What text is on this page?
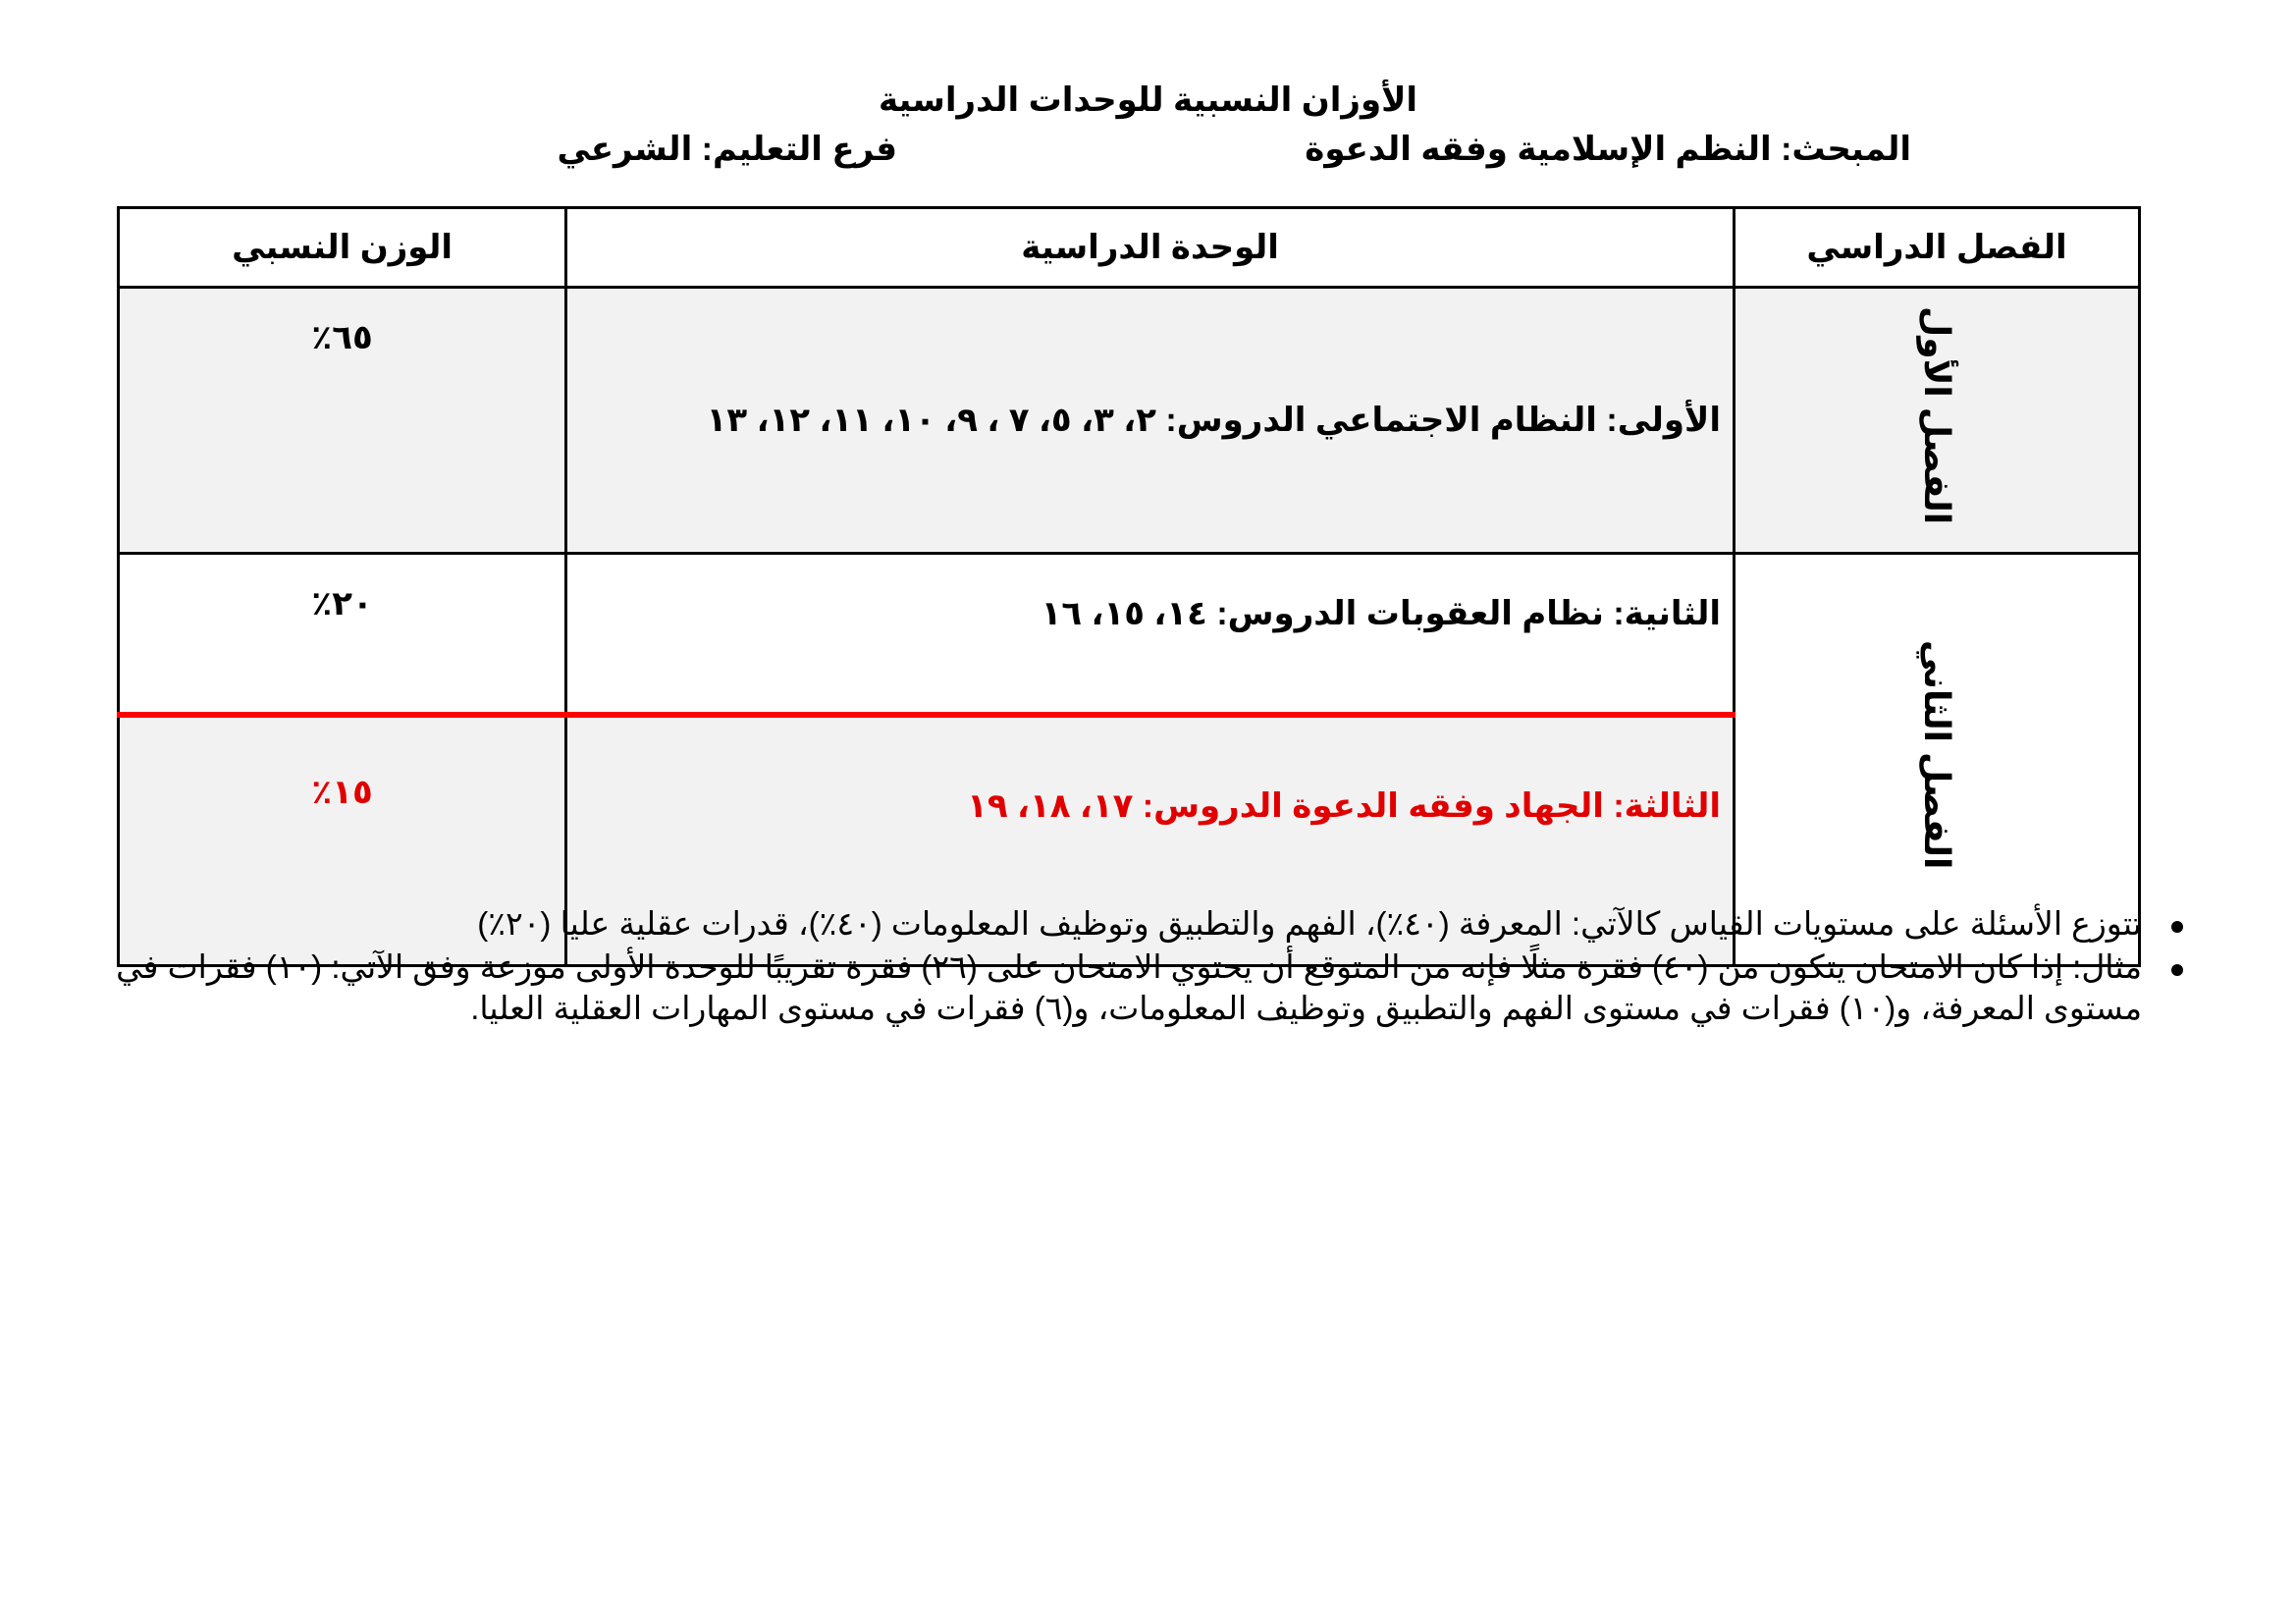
الأوزان النسبية للوحدات الدراسية
المبحث: النظم الإسلامية وفقه الدعوة
فرع التعليم: الشرعي
الفصل الدراسي	الوحدة الدراسية	الوزن النسبي
الفصل الأول	الأولى: النظام الاجتماعي الدروس: ٢، ٣، ٥، ٧ ، ٩، ١٠، ١١، ١٢، ١٣	٦٥٪
الفصل الثاني	الثانية: نظام العقوبات الدروس: ١٤، ١٥، ١٦	٢٠٪
	الثالثة: الجهاد وفقه الدعوة الدروس: ١٧، ١٨، ١٩	١٥٪
تتوزع الأسئلة على مستويات القياس كالآتي: المعرفة (٤٠٪)، الفهم والتطبيق وتوظيف المعلومات (٤٠٪)، قدرات عقلية عليا (٢٠٪)
مثال: إذا كان الامتحان يتكون من (٤٠) فقرة مثلًا فإنه من المتوقع أن يحتوي الامتحان على (٢٦) فقرة تقريبًا للوحدة الأولى موزعة وفق الآتي: (١٠) فقرات في مستوى المعرفة، و(١٠) فقرات في مستوى الفهم والتطبيق وتوظيف المعلومات، و(٦) فقرات في مستوى المهارات العقلية العليا.
